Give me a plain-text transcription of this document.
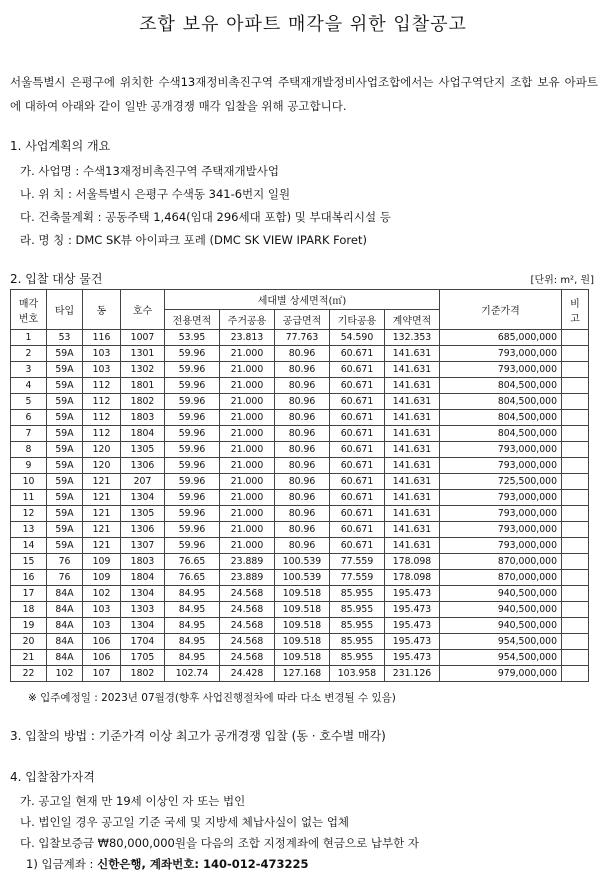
조합 보유 아파트 매각을 위한 입찰공고

서울특별시 은평구에 위치한 수색13재정비촉진구역 주택재개발정비사업조합에서는 사업구역단지 조합 보유 아파트에 대하여 아래와 같이 일반 공개경쟁 매각 입찰을 위해 공고합니다.

1. 사업계획의 개요
가. 사업명 : 수색13재정비촉진구역 주택재개발사업
나. 위 치 : 서울특별시 은평구 수색동 341-6번지 일원
다. 건축물계획 : 공동주택 1,464(임대 296세대 포함) 및 부대복리시설 등
라. 명 칭 : DMC SK뷰 아이파크 포레 (DMC SK VIEW IPARK Foret)
2. 입찰 대상 물건	[단위: m², 원]
매각
번호	타입	동	호수	세대별 상세면적(㎡)					기준가격	비
고
				전용면적	주거공용	공급면적	기타공용	계약면적		
1	53	116	1007	53.95	23.813	77.763	54.590	132.353	685,000,000	
2	59A	103	1301	59.96	21.000	80.96	60.671	141.631	793,000,000	
3	59A	103	1302	59.96	21.000	80.96	60.671	141.631	793,000,000	
4	59A	112	1801	59.96	21.000	80.96	60.671	141.631	804,500,000	
5	59A	112	1802	59.96	21.000	80.96	60.671	141.631	804,500,000	
6	59A	112	1803	59.96	21.000	80.96	60.671	141.631	804,500,000	
7	59A	112	1804	59.96	21.000	80.96	60.671	141.631	804,500,000	
8	59A	120	1305	59.96	21.000	80.96	60.671	141.631	793,000,000	
9	59A	120	1306	59.96	21.000	80.96	60.671	141.631	793,000,000	
10	59A	121	207	59.96	21.000	80.96	60.671	141.631	725,500,000	
11	59A	121	1304	59.96	21.000	80.96	60.671	141.631	793,000,000	
12	59A	121	1305	59.96	21.000	80.96	60.671	141.631	793,000,000	
13	59A	121	1306	59.96	21.000	80.96	60.671	141.631	793,000,000	
14	59A	121	1307	59.96	21.000	80.96	60.671	141.631	793,000,000	
15	76	109	1803	76.65	23.889	100.539	77.559	178.098	870,000,000	
16	76	109	1804	76.65	23.889	100.539	77.559	178.098	870,000,000	
17	84A	102	1304	84.95	24.568	109.518	85.955	195.473	940,500,000	
18	84A	103	1303	84.95	24.568	109.518	85.955	195.473	940,500,000	
19	84A	103	1304	84.95	24.568	109.518	85.955	195.473	940,500,000	
20	84A	106	1704	84.95	24.568	109.518	85.955	195.473	954,500,000	
21	84A	106	1705	84.95	24.568	109.518	85.955	195.473	954,500,000	
22	102	107	1802	102.74	24.428	127.168	103.958	231.126	979,000,000	
※ 입주예정일 : 2023년 07월경(향후 사업진행절차에 따라 다소 변경될 수 있음)
3. 입찰의 방법 : 기준가격 이상 최고가 공개경쟁 입찰 (동 · 호수별 매각)
4. 입찰참가자격
가. 공고일 현재 만 19세 이상인 자 또는 법인
나. 법인일 경우 공고일 기준 국세 및 지방세 체납사실이 없는 업체
다. 입찰보증금 ₩80,000,000원을 다음의 조합 지정계좌에 현금으로 납부한 자
1) 입금계좌 : 신한은행, 계좌번호: 140-012-473225
